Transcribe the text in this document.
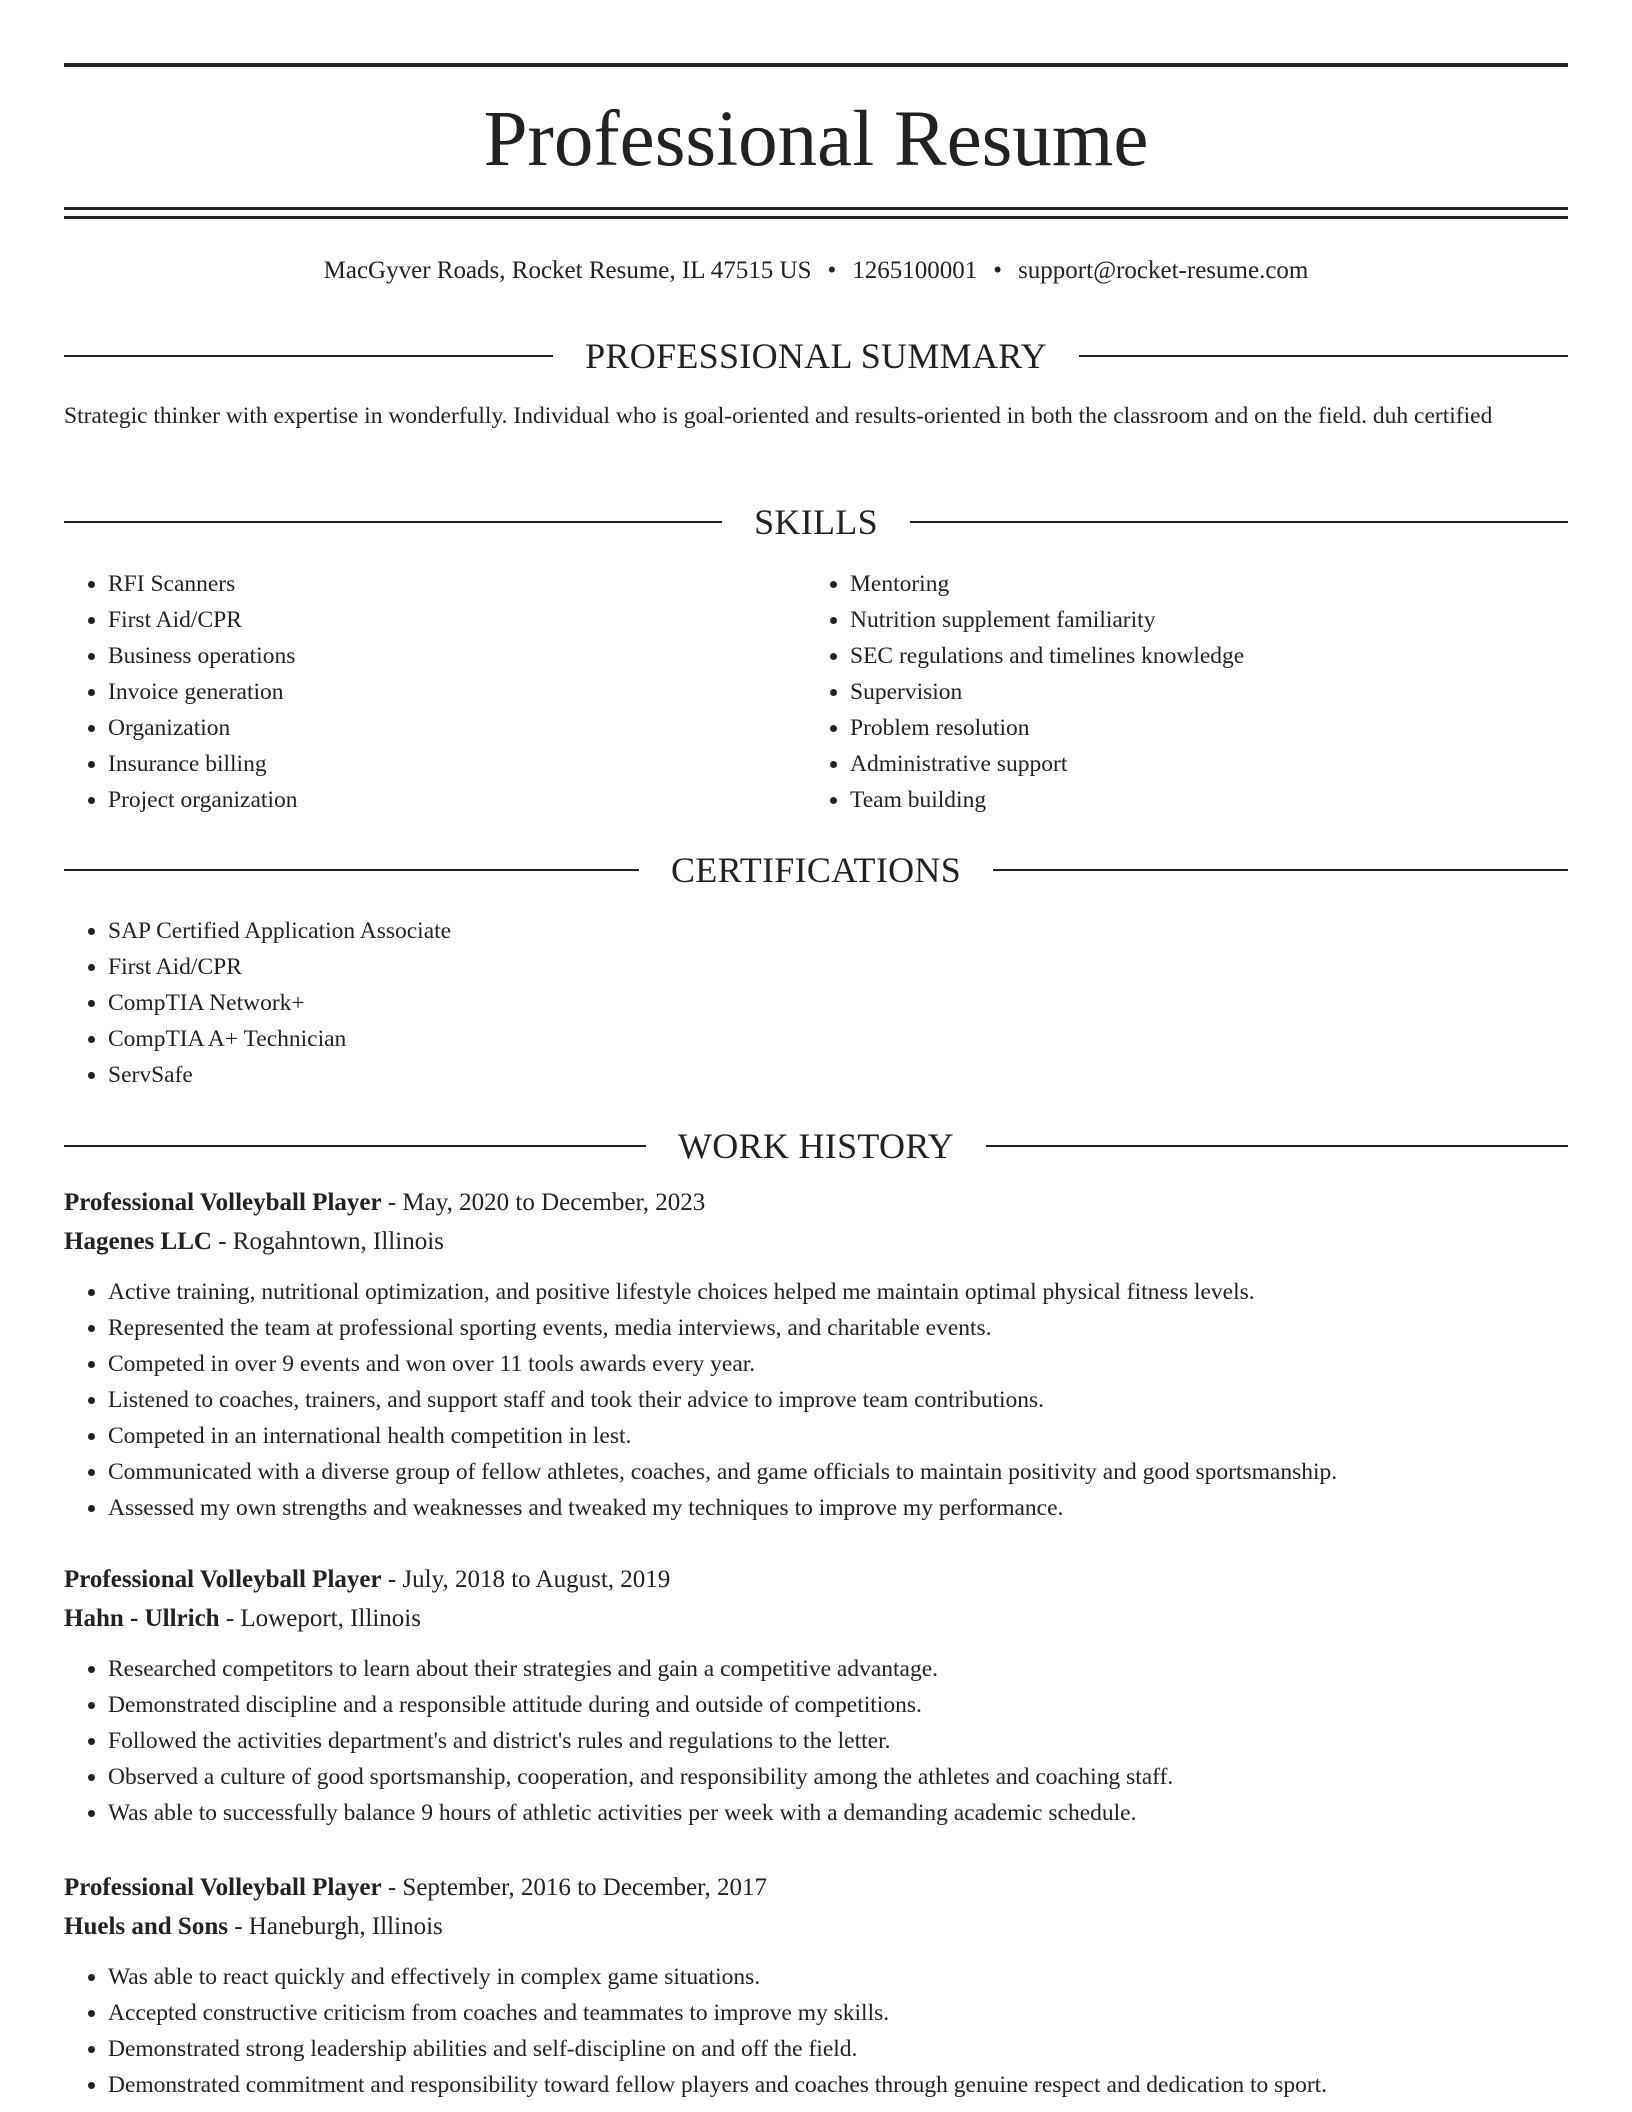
Professional Resume
MacGyver Roads, Rocket Resume, IL 47515 US • 1265100001 • support@rocket-resume.com
PROFESSIONAL SUMMARY

Strategic thinker with expertise in wonderfully. Individual who is goal-oriented and results-oriented in both the classroom and on the field. duh certified

SKILLS
• RFI Scanners
• First Aid/CPR
• Business operations
• Invoice generation
• Organization
• Insurance billing
• Project organization
• Mentoring
• Nutrition supplement familiarity
• SEC regulations and timelines knowledge
• Supervision
• Problem resolution
• Administrative support
• Team building
CERTIFICATIONS
• SAP Certified Application Associate
• First Aid/CPR
• CompTIA Network+
• CompTIA A+ Technician
• ServSafe
WORK HISTORY
Professional Volleyball Player - May, 2020 to December, 2023
Hagenes LLC - Rogahntown, Illinois
• Active training, nutritional optimization, and positive lifestyle choices helped me maintain optimal physical fitness levels.
• Represented the team at professional sporting events, media interviews, and charitable events.
• Competed in over 9 events and won over 11 tools awards every year.
• Listened to coaches, trainers, and support staff and took their advice to improve team contributions.
• Competed in an international health competition in lest.
• Communicated with a diverse group of fellow athletes, coaches, and game officials to maintain positivity and good sportsmanship.
• Assessed my own strengths and weaknesses and tweaked my techniques to improve my performance.
Professional Volleyball Player - July, 2018 to August, 2019
Hahn - Ullrich - Loweport, Illinois
• Researched competitors to learn about their strategies and gain a competitive advantage.
• Demonstrated discipline and a responsible attitude during and outside of competitions.
• Followed the activities department's and district's rules and regulations to the letter.
• Observed a culture of good sportsmanship, cooperation, and responsibility among the athletes and coaching staff.
• Was able to successfully balance 9 hours of athletic activities per week with a demanding academic schedule.
Professional Volleyball Player - September, 2016 to December, 2017
Huels and Sons - Haneburgh, Illinois
• Was able to react quickly and effectively in complex game situations.
• Accepted constructive criticism from coaches and teammates to improve my skills.
• Demonstrated strong leadership abilities and self-discipline on and off the field.
• Demonstrated commitment and responsibility toward fellow players and coaches through genuine respect and dedication to sport.
